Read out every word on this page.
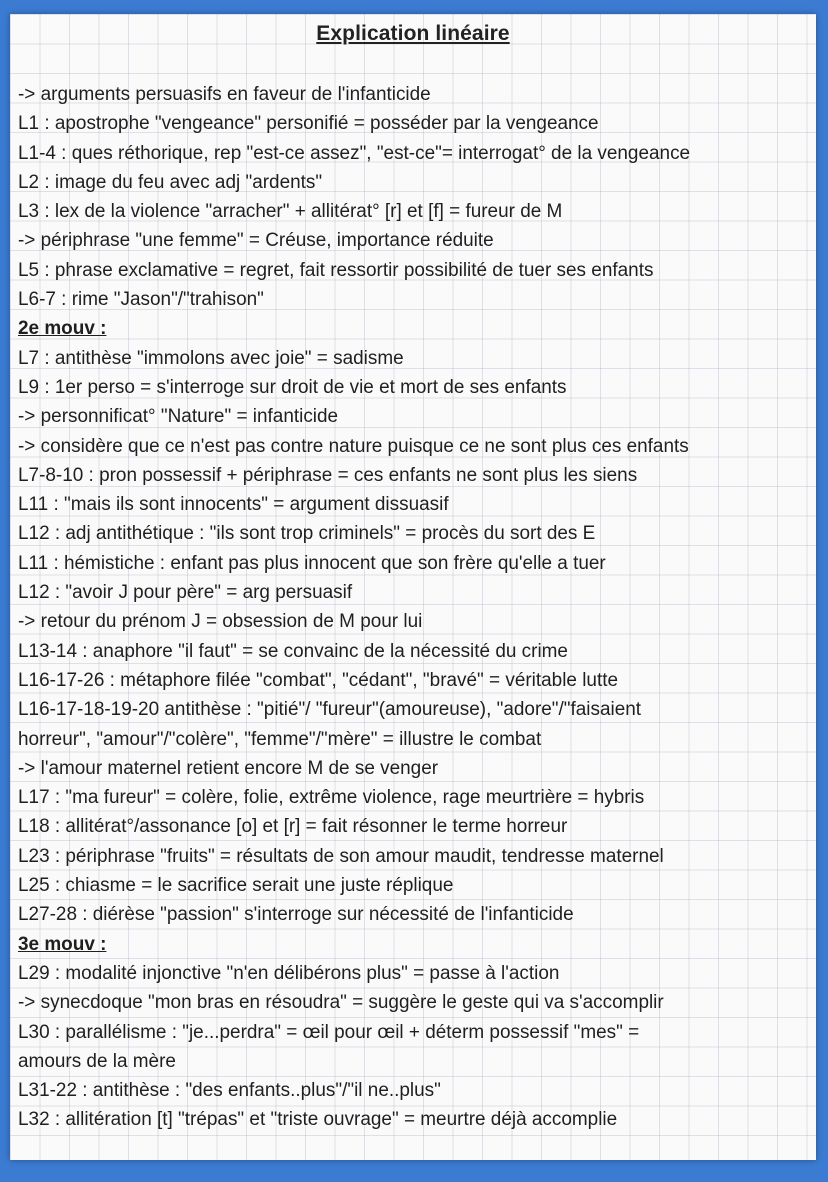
Explication linéaire
-> arguments persuasifs en faveur de l'infanticide
L1 : apostrophe "vengeance" personifié = posséder par la vengeance
L1-4 : ques réthorique, rep "est-ce assez", "est-ce"= interrogat° de la vengeance
L2 : image du feu avec adj "ardents"
L3 : lex de la violence "arracher" + allitérat° [r] et [f] = fureur de M
-> périphrase "une femme" = Créuse, importance réduite
L5 : phrase exclamative = regret, fait ressortir possibilité de tuer ses enfants
L6-7 : rime "Jason"/"trahison"
2e mouv :
L7 : antithèse "immolons avec joie" = sadisme
L9 : 1er perso = s'interroge sur droit de vie et mort de ses enfants
-> personnificat° "Nature" = infanticide
-> considère que ce n'est pas contre nature puisque ce ne sont plus ces enfants
L7-8-10 : pron possessif + périphrase = ces enfants ne sont plus les siens
L11 : "mais ils sont innocents" = argument dissuasif
L12 : adj antithétique : "ils sont trop criminels" = procès du sort des E
L11 : hémistiche : enfant pas plus innocent que son frère qu'elle a tuer
L12 : "avoir J pour père" = arg persuasif
-> retour du prénom J = obsession de M pour lui
L13-14 : anaphore "il faut" = se convainc de la nécessité du crime
L16-17-26 : métaphore filée "combat", "cédant", "bravé" = véritable lutte
L16-17-18-19-20 antithèse : "pitié"/ "fureur"(amoureuse), "adore"/"faisaient
horreur", "amour"/"colère", "femme"/"mère" = illustre le combat
-> l'amour maternel retient encore M de se venger
L17 : "ma fureur" = colère, folie, extrême violence, rage meurtrière = hybris
L18 : allitérat°/assonance [o] et [r] = fait résonner le terme horreur
L23 : périphrase "fruits" = résultats de son amour maudit, tendresse maternel
L25 : chiasme = le sacrifice serait une juste réplique
L27-28 : diérèse "passion" s'interroge sur nécessité de l'infanticide
3e mouv :
L29 : modalité injonctive "n'en délibérons plus" = passe à l'action
-> synecdoque "mon bras en résoudra" = suggère le geste qui va s'accomplir
L30 : parallélisme : "je...perdra" = œil pour œil + déterm possessif "mes" =
amours de la mère
L31-22 : antithèse : "des enfants..plus"/"il ne..plus"
L32 : allitération [t] "trépas" et "triste ouvrage" = meurtre déjà accomplie
